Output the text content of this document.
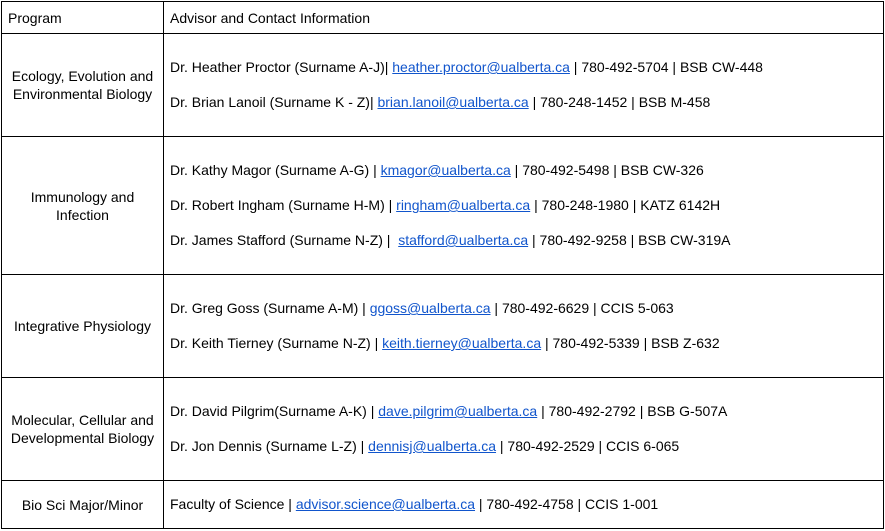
Program	Advisor and Contact Information
Ecology, Evolution and Environmental Biology	Dr. Heather Proctor (Surname A-J)| heather.proctor@ualberta.ca | 780-492-5704 | BSB CW-448
Dr. Brian Lanoil (Surname K - Z)| brian.lanoil@ualberta.ca | 780-248-1452 | BSB M-458

Immunology and Infection	Dr. Kathy Magor (Surname A-G) | kmagor@ualberta.ca | 780-492-5498 | BSB CW-326
Dr. Robert Ingham (Surname H-M) | ringham@ualberta.ca | 780-248-1980 | KATZ 6142H
Dr. James Stafford (Surname N-Z) |  stafford@ualberta.ca | 780-492-9258 | BSB CW-319A

Integrative Physiology	Dr. Greg Goss (Surname A-M) | ggoss@ualberta.ca | 780-492-6629 | CCIS 5-063
Dr. Keith Tierney (Surname N-Z) | keith.tierney@ualberta.ca | 780-492-5339 | BSB Z-632

Molecular, Cellular and Developmental Biology	Dr. David Pilgrim(Surname A-K) | dave.pilgrim@ualberta.ca | 780-492-2792 | BSB G-507A
Dr. Jon Dennis (Surname L-Z) | dennisj@ualberta.ca | 780-492-2529 | CCIS 6-065

Bio Sci Major/Minor	Faculty of Science | advisor.science@ualberta.ca | 780-492-4758 | CCIS 1-001
